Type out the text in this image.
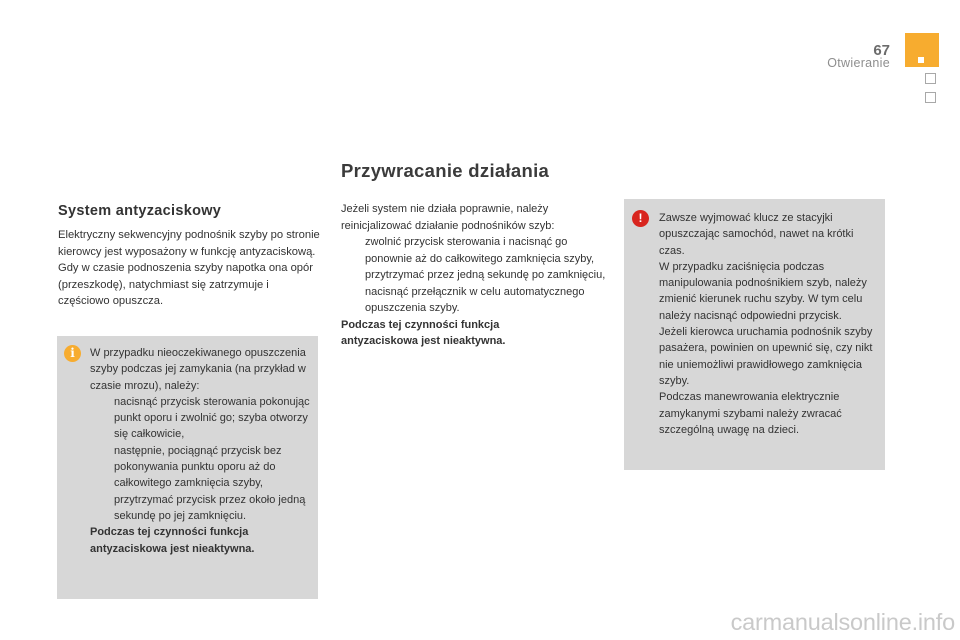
67
Otwieranie
Przywracanie działania
System antyzaciskowy

Elektryczny sekwencyjny podnośnik szyby po stronie kierowcy jest wyposażony w funkcję antyzaciskową.
Gdy w czasie podnoszenia szyby napotka ona opór (przeszkodę), natychmiast się zatrzymuje i częściowo opuszcza.

i	W przypadku nieoczekiwanego opuszczenia szyby podczas jej zamykania (na przykład w czasie mrozu), należy:
nacisnąć przycisk sterowania pokonując punkt oporu i zwolnić go; szyba otworzy się całkowicie,
następnie, pociągnąć przycisk bez pokonywania punktu oporu aż do całkowitego zamknięcia szyby,
przytrzymać przycisk przez około jedną sekundę po jej zamknięciu.
Podczas tej czynności funkcja
antyzaciskowa jest nieaktywna.
Jeżeli system nie działa poprawnie, należy reinicjalizować działanie podnośników szyb:
zwolnić przycisk sterowania i nacisnąć go ponownie aż do całkowitego zamknięcia szyby,
przytrzymać przez jedną sekundę po zamknięciu,
nacisnąć przełącznik w celu automatycznego opuszczenia szyby.
Podczas tej czynności funkcja
antyzaciskowa jest nieaktywna.
!	Zawsze wyjmować klucz ze stacyjki opuszczając samochód, nawet na krótki czas.
W przypadku zaciśnięcia podczas manipulowania podnośnikiem szyb, należy zmienić kierunek ruchu szyby. W tym celu należy nacisnąć odpowiedni przycisk.
Jeżeli kierowca uruchamia podnośnik szyby pasażera, powinien on upewnić się, czy nikt nie uniemożliwi prawidłowego zamknięcia szyby.
Podczas manewrowania elektrycznie zamykanymi szybami należy zwracać szczególną uwagę na dzieci.
carmanualsonline.info
